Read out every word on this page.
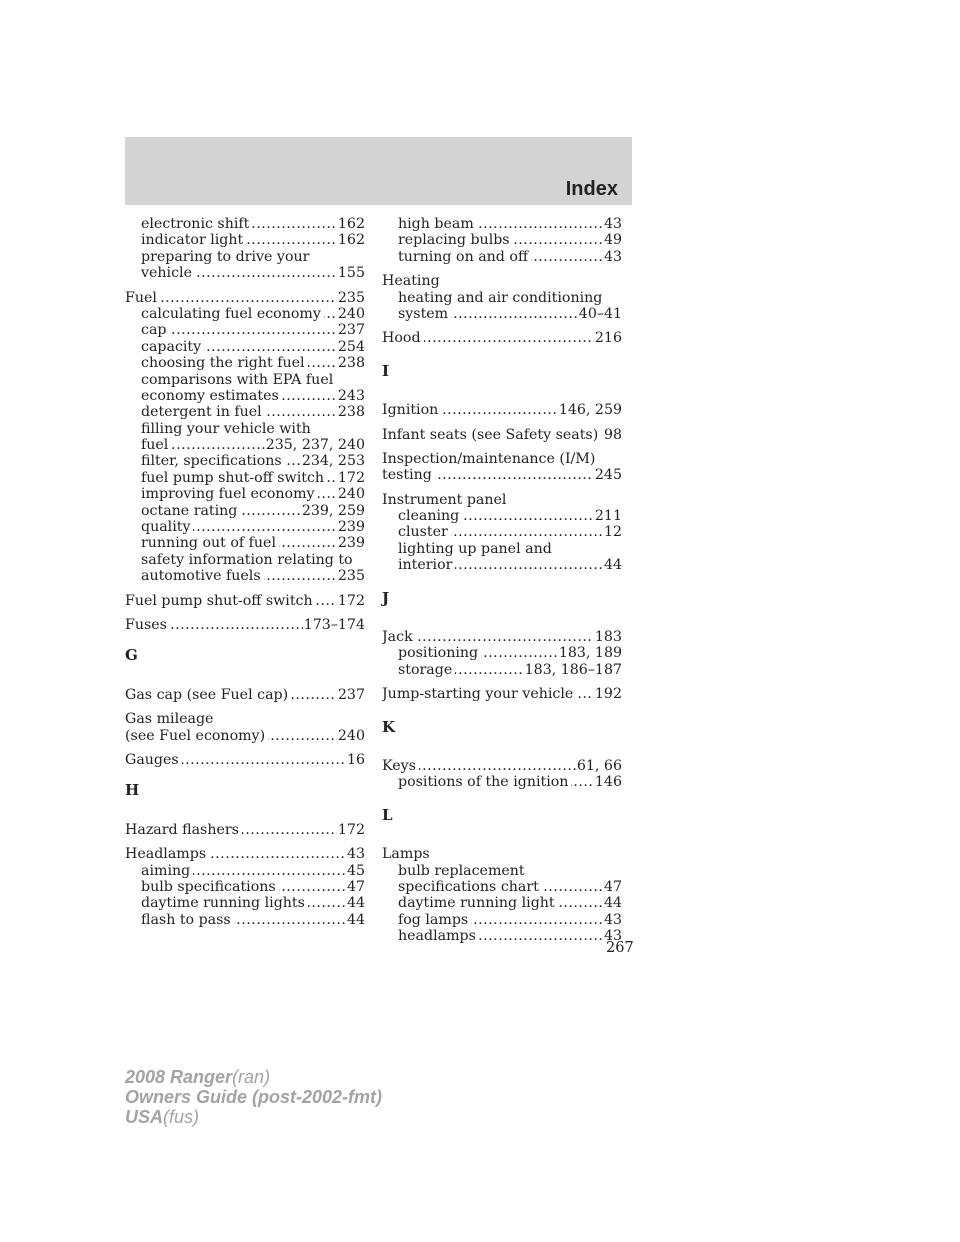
Index
.....
electronic shift	162
.....
indicator light	162
preparing to drive your
.....
vehicle	155
.....
Fuel	235
.....
calculating fuel economy 240
.....
cap	237
.....
capacity	254
.....
choosing the right fuel 238
comparisons with EPA fuel
.....
economy estimates	243
.....
detergent in fuel	238
filling your vehicle with
.....
fuel	235, 237, 240
.....
filter, specifications 234, 253
.....
fuel pump shut-off switch 172
.....
improving fuel economy 240
.....
octane rating	239, 259
.....
quality	239
.....
running out of fuel	239
safety information relating to
.....
automotive fuels	235
.....
Fuel pump shut-off switch 172
.....
Fuses	173–174
G
.....
Gas cap (see Fuel cap)	237
Gas mileage
.....
(see Fuel economy)	240
.....
Gauges	16
H
.....
Hazard flashers	172
.....
Headlamps	43
.....
aiming	45
.....
bulb specifications	47
.....
daytime running lights	44
.....
flash to pass	44
.....
high beam	43
.....
replacing bulbs	49
.....
turning on and off	43
Heating
heating and air conditioning
.....
system	40–41
.....
Hood	216
I
.....
Ignition	146, 259
.....
Infant seats (see Safety seats) 98
Inspection/maintenance (I/M)
.....
testing	245
Instrument panel
.....
cleaning	211
.....
cluster	12
lighting up panel and
.....
interior	44
J
.....
Jack	183
.....
positioning	183, 189
.....
storage	183, 186–187
.....
Jump-starting your vehicle 192
K
.....
Keys	61, 66
.....
positions of the ignition 146
L
Lamps
bulb replacement
.....
specifications chart	47
.....
daytime running light	44
.....
fog lamps	43
.....
headlamps	43
267
2008 Ranger(ran)
Owners Guide (post-2002-fmt)
USA(fus)
